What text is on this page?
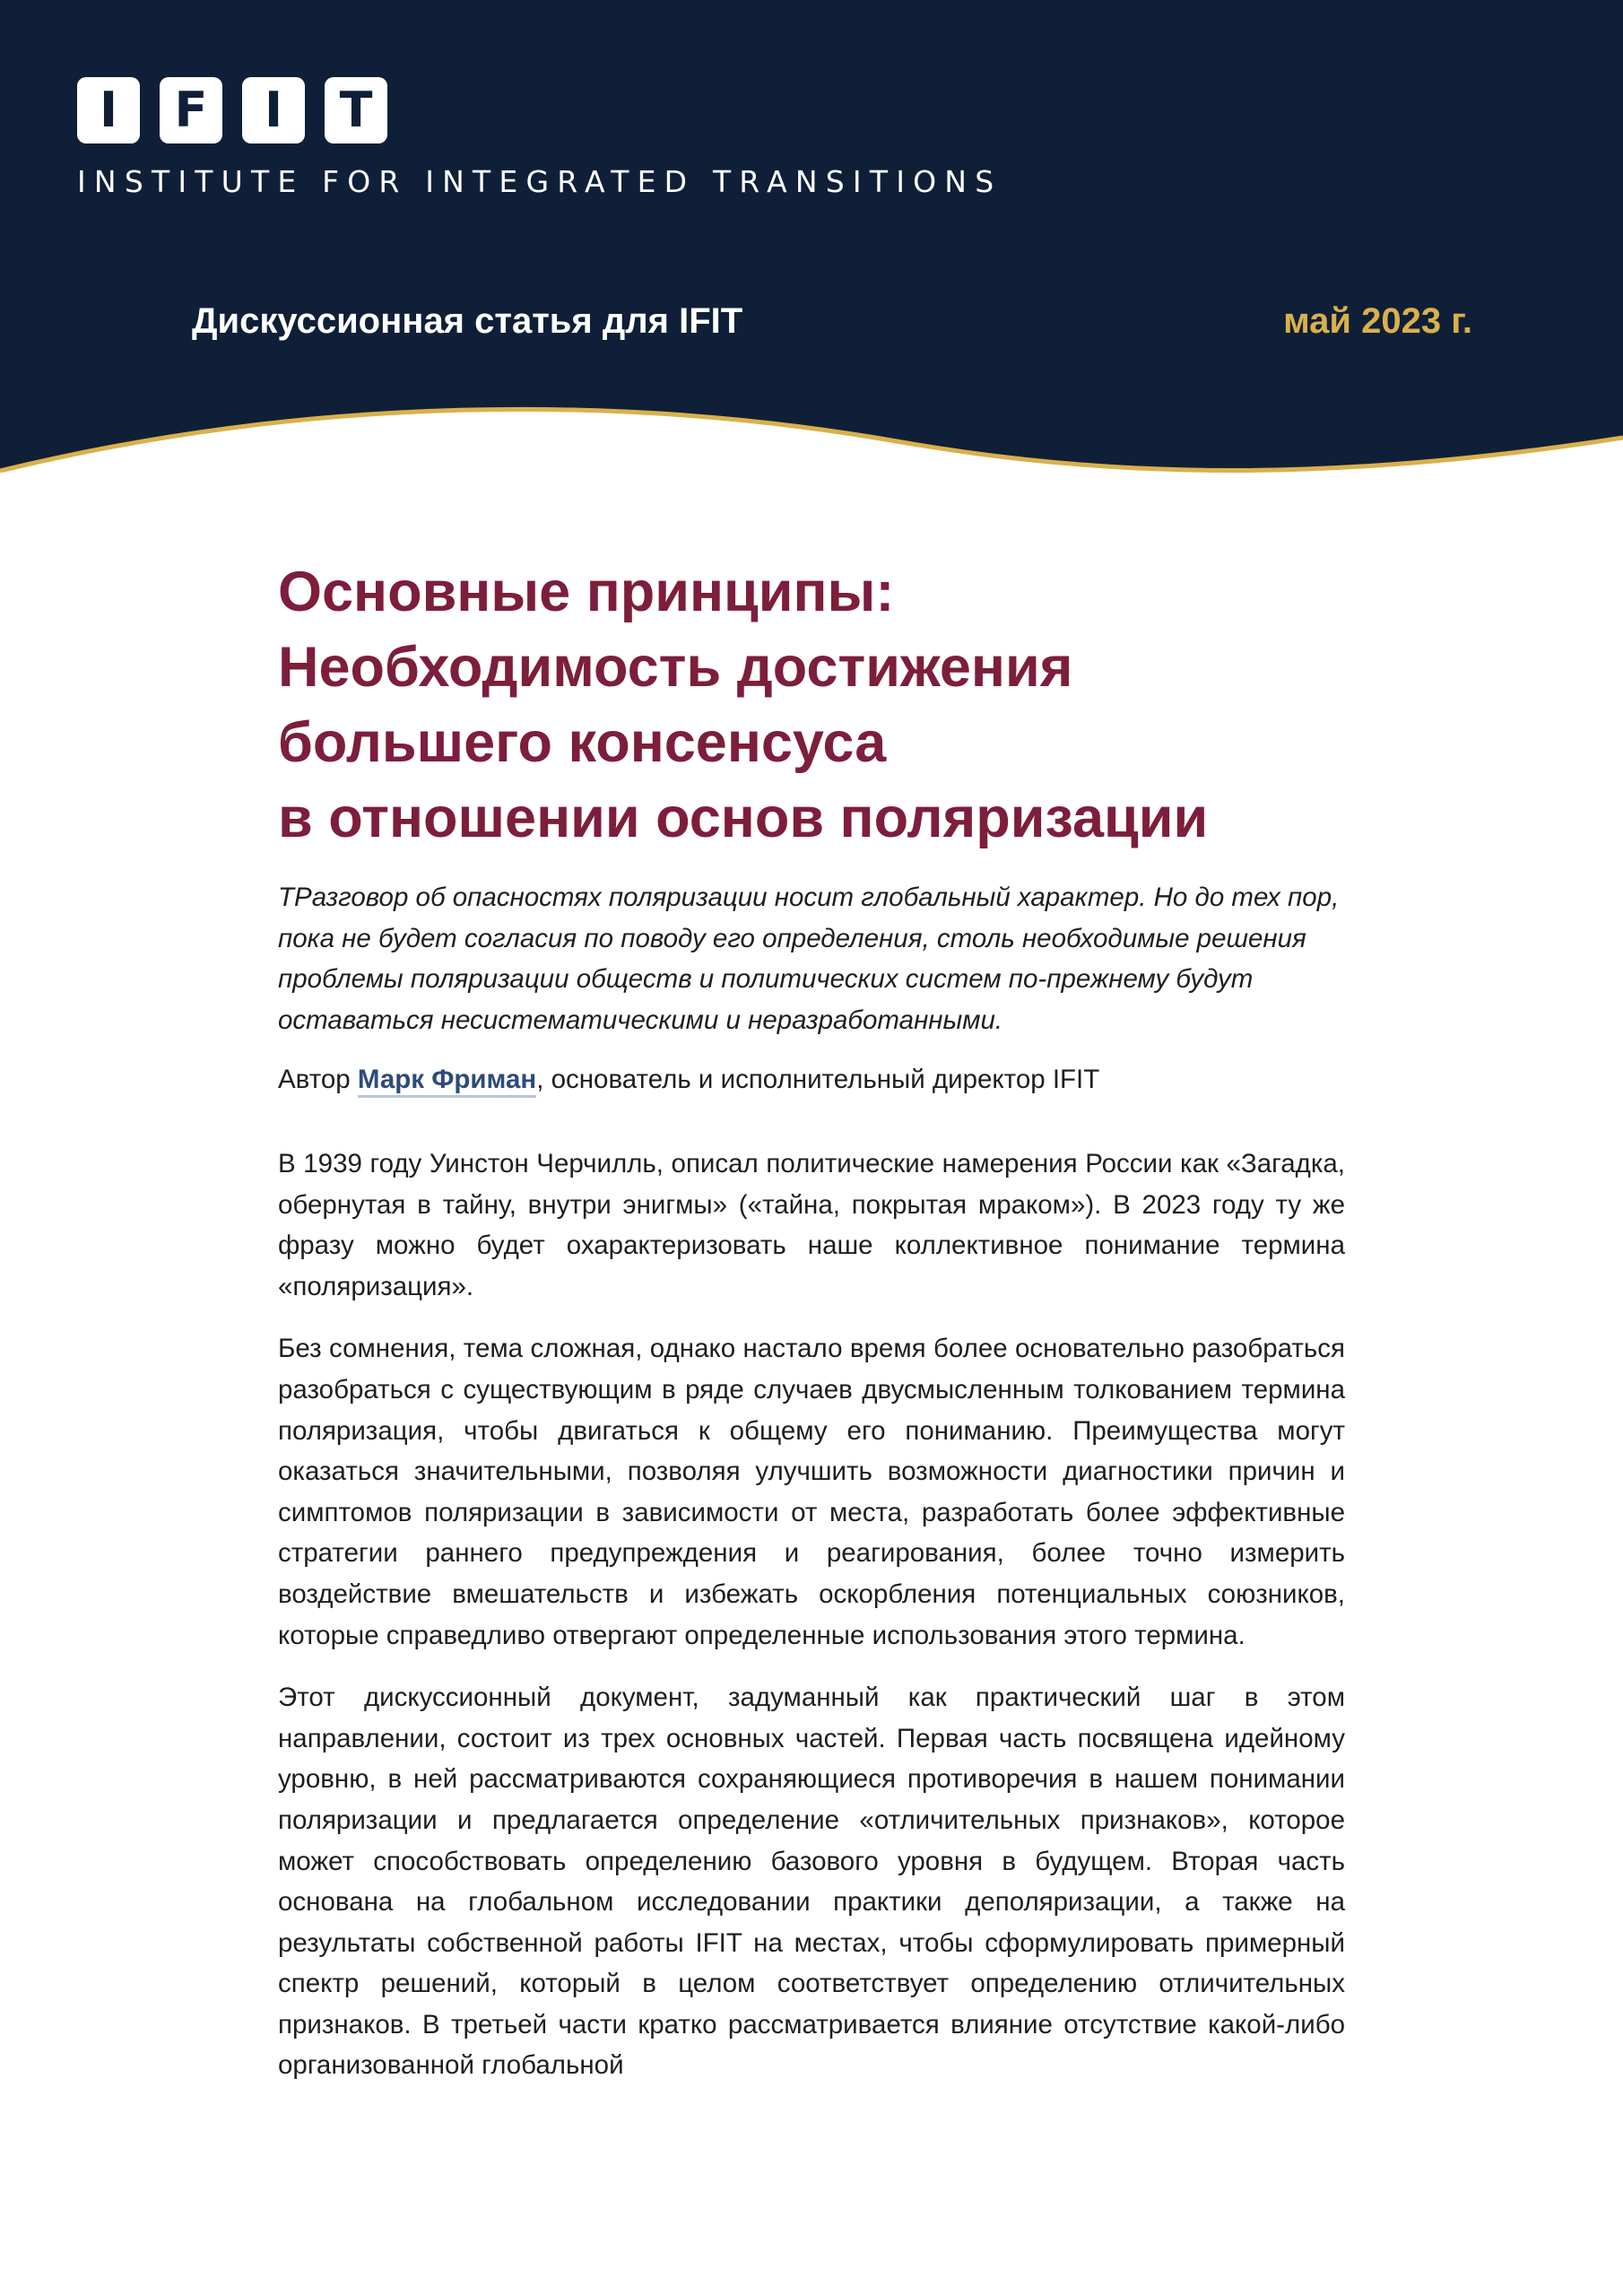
I	F	I	T
INSTITUTE FOR INTEGRATED TRANSITIONS
Дискуссионная статья для IFIT	май 2023 г.
Основные принципы:
Необходимость достижения
большего консенсуса
в отношении основ поляризации

ТРазговор об опасностях поляризации носит глобальный характер. Но до тех пор, пока не будет согласия по поводу его определения, столь необходимые решения проблемы поляризации обществ и политических систем по-прежнему будут оставаться несистематическими и неразработанными.

Автор Марк Фриман, основатель и исполнительный директор IFIT

В 1939 году Уинстон Черчилль, описал политические намерения России как «Загадка, обернутая в тайну, внутри энигмы» («тайна, покрытая мраком»). В 2023 году ту же фразу можно будет охарактеризовать наше коллективное понимание термина «поляризация».

Без сомнения, тема сложная, однако настало время более основательно разобраться разобраться с существующим в ряде случаев двусмысленным толкованием термина поляризация, чтобы двигаться к общему его пониманию. Преимущества могут оказаться значительными, позволяя улучшить возможности диагностики причин и симптомов поляризации в зависимости от места, разработать более эффективные стратегии раннего предупреждения и реагирования, более точно измерить воздействие вмешательств и избежать оскорбления потенциальных союзников, которые справедливо отвергают определенные использования этого термина.

Этот дискуссионный документ, задуманный как практический шаг в этом направлении, состоит из трех основных частей. Первая часть посвящена идейному уровню, в ней рассматриваются сохраняющиеся противоречия в нашем понимании поляризации и предлагается определение «отличительных признаков», которое может способствовать определению базового уровня в будущем. Вторая часть основана на глобальном исследовании практики деполяризации, а также на результаты собственной работы IFIT на местах, чтобы сформулировать примерный спектр решений, который в целом соответствует определению отличительных признаков. В третьей части кратко рассматривается влияние отсутствие какой-либо организованной глобальной
